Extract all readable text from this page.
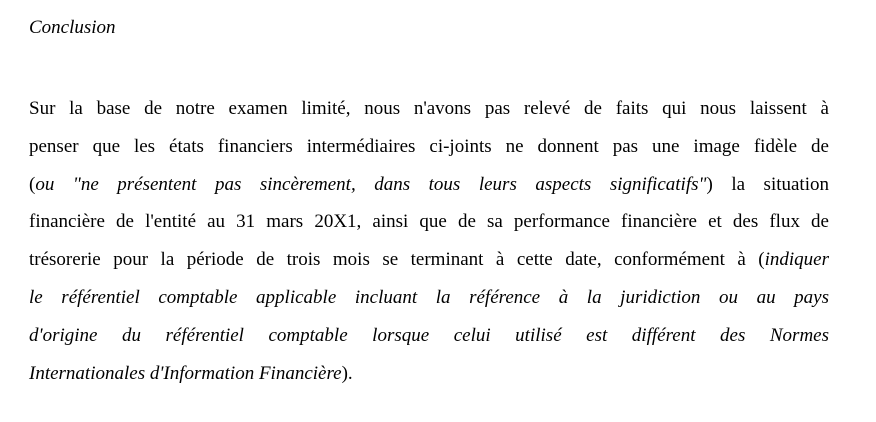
Conclusion

Sur la base de notre examen limité, nous n'avons pas relevé de faits qui nous laissent à
penser que les états financiers intermédiaires ci-joints ne donnent pas une image fidèle de
(ou "ne présentent pas sincèrement, dans tous leurs aspects significatifs") la situation
financière de l'entité au 31 mars 20X1, ainsi que de sa performance financière et des flux de
trésorerie pour la période de trois mois se terminant à cette date, conformément à (indiquer
le référentiel comptable applicable incluant la référence à la juridiction ou au pays
d'origine du référentiel comptable lorsque celui utilisé est différent des Normes
Internationales d'Information Financière).
